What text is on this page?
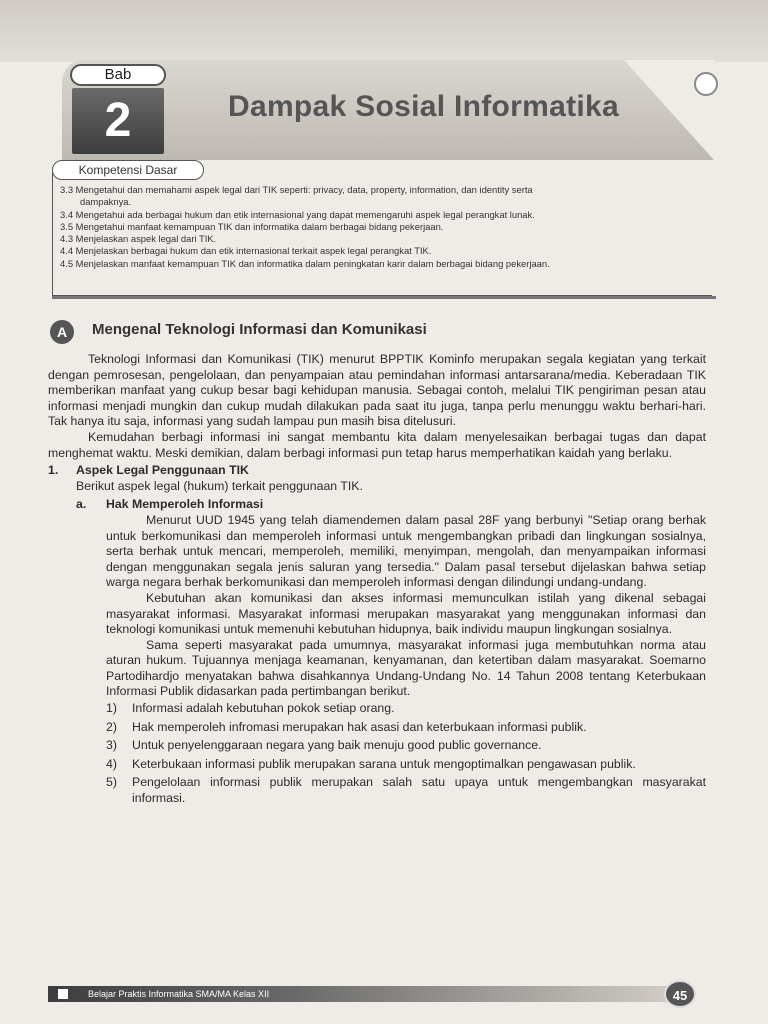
Bab
2	Dampak Sosial Informatika
Kompetensi Dasar
3.3 Mengetahui dan memahami aspek legal dari TIK seperti: privacy, data, property, information, dan identity serta
dampaknya.
3.4 Mengetahui ada berbagai hukum dan etik internasional yang dapat memengaruhi aspek legal perangkat lunak.
3.5 Mengetahui manfaat kemampuan TIK dan informatika dalam berbagai bidang pekerjaan.
4.3 Menjelaskan aspek legal dari TIK.
4.4 Menjelaskan berbagai hukum dan etik internasional terkait aspek legal perangkat TIK.
4.5 Menjelaskan manfaat kemampuan TIK dan informatika dalam peningkatan karir dalam berbagai bidang pekerjaan.
A	Mengenal Teknologi Informasi dan Komunikasi

Teknologi Informasi dan Komunikasi (TIK) menurut BPPTIK Kominfo merupakan segala kegiatan yang terkait dengan pemrosesan, pengelolaan, dan penyampaian atau pemindahan informasi antarsarana/media. Keberadaan TIK memberikan manfaat yang cukup besar bagi kehidupan manusia. Sebagai contoh, melalui TIK pengiriman pesan atau informasi menjadi mungkin dan cukup mudah dilakukan pada saat itu juga, tanpa perlu menunggu waktu berhari-hari. Tak hanya itu saja, informasi yang sudah lampau pun masih bisa ditelusuri.

Kemudahan berbagi informasi ini sangat membantu kita dalam menyelesaikan berbagai tugas dan dapat menghemat waktu. Meski demikian, dalam berbagi informasi pun tetap harus memperhatikan kaidah yang berlaku.

1. Aspek Legal Penggunaan TIK

Berikut aspek legal (hukum) terkait penggunaan TIK.

a. Hak Memperoleh Informasi

Menurut UUD 1945 yang telah diamendemen dalam pasal 28F yang berbunyi "Setiap orang berhak untuk berkomunikasi dan memperoleh informasi untuk mengembangkan pribadi dan lingkungan sosialnya, serta berhak untuk mencari, memperoleh, memiliki, menyimpan, mengolah, dan menyampaikan informasi dengan menggunakan segala jenis saluran yang tersedia." Dalam pasal tersebut dijelaskan bahwa setiap warga negara berhak berkomunikasi dan memperoleh informasi dengan dilindungi undang-undang.

Kebutuhan akan komunikasi dan akses informasi memunculkan istilah yang dikenal sebagai masyarakat informasi. Masyarakat informasi merupakan masyarakat yang menggunakan informasi dan teknologi komunikasi untuk memenuhi kebutuhan hidupnya, baik individu maupun lingkungan sosialnya.

Sama seperti masyarakat pada umumnya, masyarakat informasi juga membutuhkan norma atau aturan hukum. Tujuannya menjaga keamanan, kenyamanan, dan ketertiban dalam masyarakat. Soemarno Partodihardjo menyatakan bahwa disahkannya Undang-Undang No. 14 Tahun 2008 tentang Keterbukaan Informasi Publik didasarkan pada pertimbangan berikut.

1)	Informasi adalah kebutuhan pokok setiap orang.
2)	Hak memperoleh infromasi merupakan hak asasi dan keterbukaan informasi publik.
3)	Untuk penyelenggaraan negara yang baik menuju good public governance.
4)	Keterbukaan informasi publik merupakan sarana untuk mengoptimalkan pengawasan publik.
5)	Pengelolaan informasi publik merupakan salah satu upaya untuk mengembangkan masyarakat informasi.
Belajar Praktis Informatika SMA/MA Kelas XII	45
